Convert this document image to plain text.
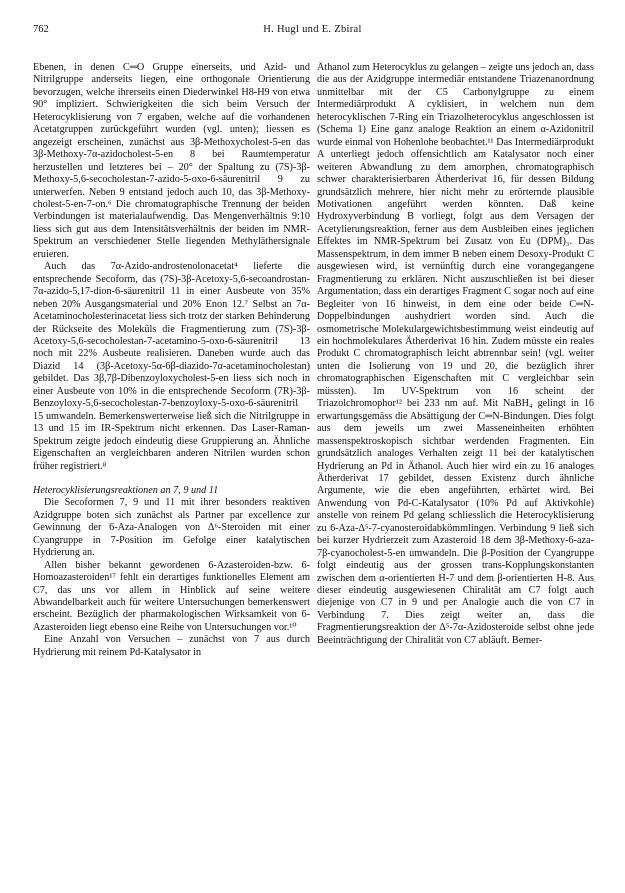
762	H. Hugl und E. Zbiral

Ebenen, in denen C═O Gruppe einerseits, und Azid- und Nitrilgruppe anderseits liegen, eine orthogonale Orientierung bevorzugen, welche ihrerseits einen Diederwinkel H8-H9 von etwa 90° impliziert. Schwierigkeiten die sich beim Versuch der Heterocyklisierung von 7 ergaben, welche auf die vorhandenen Acetatgruppen zurückgeführt wurden (vgl. unten); liessen es angezeigt erscheinen, zunächst aus 3β-Methoxycholest-5-en das 3β-Methoxy-7α-azidocholest-5-en 8 bei Raumtemperatur herzustellen und letzteres bei – 20° der Spaltung zu (7S)-3β-Methoxy-5,6-secocholestan-7-azido-5-oxo-6-säurenitril 9 zu unterwerfen. Neben 9 entstand jedoch auch 10, das 3β-Methoxy-cholest-5-en-7-on.⁶ Die chromatographische Trennung der beiden Verbindungen ist materialaufwendig. Das Mengenverhältnis 9:10 liess sich gut aus dem Intensitätsverhältnis der beiden im NMR-Spektrum an verschiedener Stelle liegenden Methyläthersignale eruieren.

Auch das 7α-Azido-androstenolonacetat⁴ lieferte die entsprechende Secoform, das (7S)-3β-Acetoxy-5,6-secoandrostan-7α-azido-5,17-dion-6-säurenitril 11 in einer Ausbeute von 35% neben 20% Ausgangsmaterial und 20% Enon 12.⁷ Selbst an 7α-Acetaminocholesterinacetat liess sich trotz der starken Behinderung der Rückseite des Moleküls die Fragmentierung zum (7S)-3β-Acetoxy-5,6-secocholestan-7-acetamino-5-oxo-6-säurenitril 13 noch mit 22% Ausbeute realisieren. Daneben wurde auch das Diazid 14 (3β-Acetoxy-5α-6β-diazido-7α-acetaminocholestan) gebildet. Das 3β,7β-Dibenzoyloxycholest-5-en liess sich noch in einer Ausbeute von 10% in die entsprechende Secoform (7R)-3β-Benzoyloxy-5,6-secocholestan-7-benzoyloxy-5-oxo-6-säurenitril 15 umwandeln. Bemerkenswerterweise ließ sich die Nitrilgruppe in 13 und 15 im IR-Spektrum nicht erkennen. Das Laser-Raman-Spektrum zeigte jedoch eindeutig diese Gruppierung an. Ähnliche Eigenschaften an vergleichbaren anderen Nitrilen wurden schon früher registriert.⁸

Heterocyklisierungsreaktionen an 7, 9 und 11

Die Secoformen 7, 9 und 11 mit ihrer besonders reaktiven Azidgruppe boten sich zunächst als Partner par excellence zur Gewinnung der 6-Aza-Analogen von Δ⁶-Steroiden mit einer Cyangruppe in 7-Position im Gefolge einer katalytischen Hydrierung an.

Allen bisher bekannt gewordenen 6-Azasteroiden-bzw. 6-Homoazasteroiden¹⁷ fehlt ein derartiges funktionelles Element am C7, das uns vor allem in Hinblick auf seine weitere Abwandelbarkeit auch für weitere Untersuchungen bemerkenswert erscheint. Bezüglich der pharmakologischen Wirksamkeit von 6-Azasteroiden liegt ebenso eine Reihe von Untersuchungen vor.¹⁰

Eine Anzahl von Versuchen – zunächst von 7 aus durch Hydrierung mit reinem Pd-Katalysator in

Äthanol zum Heterocyklus zu gelangen – zeigte uns jedoch an, dass die aus der Azidgruppe intermediär entstandene Triazenanordnung unmittelbar mit der C5 Carbonylgruppe zu einem Intermediärprodukt A cyklisiert, in welchem nun dem heterocyklischen 7-Ring ein Triazolheterocyklus angeschlossen ist (Schema 1) Eine ganz analoge Reaktion an einem α-Azidonitril wurde einmal von Hohenlohe beobachtet.¹¹ Das Intermediärprodukt A unterliegt jedoch offensichtlich am Katalysator noch einer weiteren Abwandlung zu dem amorphen, chromatographisch schwer charakterisierbaren Ätherderivat 16, für dessen Bildung grundsätzlich mehrere, hier nicht mehr zu erörternde plausible Motivationen angeführt werden könnten. Daß keine Hydroxyverbindung B vorliegt, folgt aus dem Versagen der Acetylierungsreaktion, ferner aus dem Ausbleiben eines jeglichen Effektes im NMR-Spektrum bei Zusatz von Eu (DPM)₃. Das Massenspektrum, in dem immer B neben einem Desoxy-Produkt C ausgewiesen wird, ist vernünftig durch eine vorangegangene Fragmentierung zu erklären. Nicht auszuschließen ist bei dieser Argumentation, dass ein derartiges Fragment C sogar noch auf eine Begleiter von 16 hinweist, in dem eine oder beide C═N-Doppelbindungen aushydriert worden sind. Auch die osmometrische Molekulargewichtsbestimmung weist eindeutig auf ein hochmolekulares Ätherderivat 16 hin. Zudem müsste ein reales Produkt C chromatographisch leicht abtrennbar sein! (vgl. weiter unten die Isolierung von 19 und 20, die bezüglich ihrer chromatographischen Eigenschaften mit C vergleichbar sein müssten). Im UV-Spektrum von 16 scheint der Triazolchromophor¹² bei 233 nm auf. Mit NaBH₄ gelingt in 16 erwartungsgemäss die Absättigung der C═N-Bindungen. Dies folgt aus dem jeweils um zwei Masseneinheiten erhöhten massenspektroskopisch sichtbar werdenden Fragmenten. Ein grundsätzlich analoges Verhalten zeigt 11 bei der katalytischen Hydrierung an Pd in Äthanol. Auch hier wird ein zu 16 analoges Ätherderivat 17 gebildet, dessen Existenz durch ähnliche Argumente, wie die eben angeführten, erhärtet wird. Bei Anwendung von Pd-C-Katalysator (10% Pd auf Aktivkohle) anstelle von reinem Pd gelang schliesslich die Heterocyklisierung zu 6-Aza-Δ⁵-7-cyanosteroidabkömmlingen. Verbindung 9 ließ sich bei kurzer Hydrierzeit zum Azasteroid 18 dem 3β-Methoxy-6-aza-7β-cyanocholest-5-en umwandeln. Die β-Position der Cyangruppe folgt eindeutig aus der grossen trans-Kopplungskonstanten zwischen dem α-orientierten H-7 und dem β-orientierten H-8. Aus dieser eindeutig ausgewiesenen Chiralität am C7 folgt auch diejenige von C7 in 9 und per Analogie auch die von C7 in Verbindung 7. Dies zeigt weiter an, dass die Fragmentierungsreaktion der Δ⁵-7α-Azidosteroide selbst ohne jede Beeinträchtigung der Chiralität von C7 abläuft. Bemer-
